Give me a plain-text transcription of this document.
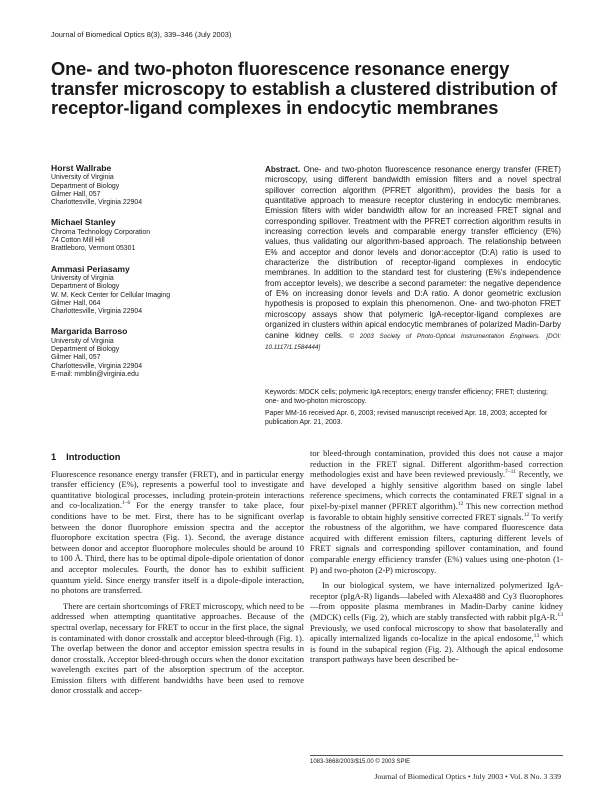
Journal of Biomedical Optics 8(3), 339–346 (July 2003)
One- and two-photon fluorescence resonance energy transfer microscopy to establish a clustered distribution of receptor-ligand complexes in endocytic membranes
Horst Wallrabe
University of Virginia
Department of Biology
Gilmer Hall, 057
Charlottesville, Virginia 22904
Michael Stanley
Chroma Technology Corporation
74 Cotton Mill Hill
Brattleboro, Vermont 05301
Ammasi Periasamy
University of Virginia
Department of Biology
W. M. Keck Center for Cellular Imaging
Gilmer Hall, 064
Charlottesville, Virginia 22904
Margarida Barroso
University of Virginia
Department of Biology
Gilmer Hall, 057
Charlottesville, Virginia 22904
E-mail: mmblin@virginia.edu

Abstract. One- and two-photon fluorescence resonance energy transfer (FRET) microscopy, using different bandwidth emission filters and a novel spectral spillover correction algorithm (PFRET algorithm), provides the basis for a quantitative approach to measure receptor clustering in endocytic membranes. Emission filters with wider bandwidth allow for an increased FRET signal and corresponding spillover. Treatment with the PFRET correction algorithm results in increasing correction levels and comparable energy transfer efficiency (E%) values, thus validating our algorithm-based approach. The relationship between E% and acceptor and donor levels and donor:acceptor (D:A) ratio is used to characterize the distribution of receptor-ligand complexes in endocytic membranes. In addition to the standard test for clustering (E%'s independence from acceptor levels), we describe a second parameter: the negative dependence of E% on increasing donor levels and D:A ratio. A donor geometric exclusion hypothesis is proposed to explain this phenomenon. One- and two-photon FRET microscopy assays show that polymeric IgA-receptor-ligand complexes are organized in clusters within apical endocytic membranes of polarized Madin-Darby canine kidney cells. © 2003 Society of Photo-Optical Instrumentation Engineers. [DOI: 10.1117/1.1584444]

Keywords: MDCK cells; polymeric IgA receptors; energy transfer efficiency; FRET; clustering; one- and two-photon microscopy.

Paper MM-16 received Apr. 6, 2003; revised manuscript received Apr. 18, 2003; accepted for publication Apr. 21, 2003.

1 Introduction

Fluorescence resonance energy transfer (FRET), and in particular energy transfer efficiency (E%), represents a powerful tool to investigate and quantitative biological processes, including protein-protein interactions and co-localization.$^{1-6}$ For the energy transfer to take place, four conditions have to be met. First, there has to be significant overlap between the donor fluorophore emission spectra and the acceptor fluorophore excitation spectra (Fig. 1). Second, the average distance between donor and acceptor fluorophore molecules should be around 10 to 100 Å. Third, there has to be optimal dipole-dipole orientation of donor and acceptor molecules. Fourth, the donor has to exhibit sufficient quantum yield. Since energy transfer itself is a dipole-dipole interaction, no photons are transferred.

There are certain shortcomings of FRET microscopy, which need to be addressed when attempting quantitative approaches. Because of the spectral overlap, necessary for FRET to occur in the first place, the signal is contaminated with donor crosstalk and acceptor bleed-through (Fig. 1). The overlap between the donor and acceptor emission spectra results in donor crosstalk. Acceptor bleed-through occurs when the donor excitation wavelength excites part of the absorption spectrum of the acceptor. Emission filters with different bandwidths have been used to remove donor crosstalk and accep-

tor bleed-through contamination, provided this does not cause a major reduction in the FRET signal. Different algorithm-based correction methodologies exist and have been reviewed previously.$^{7-11}$ Recently, we have developed a highly sensitive algorithm based on single label reference specimens, which corrects the contaminated FRET signal in a pixel-by-pixel manner (PFRET algorithm).$^{12}$ This new correction method is favorable to obtain highly sensitive corrected FRET signals.$^{12}$ To verify the robustness of the algorithm, we have compared fluorescence data acquired with different emission filters, capturing different levels of FRET signals and corresponding spillover contamination, and found comparable energy efficiency transfer (E%) values using one-photon (1-P) and two-photon (2-P) microscopy.

In our biological system, we have internalized polymerized IgA-receptor (pIgA-R) ligands—labeled with Alexa488 and Cy3 fluorophores—from opposite plasma membranes in Madin-Darby canine kidney (MDCK) cells (Fig. 2), which are stably transfected with rabbit pIgA-R.$^{13}$ Previously, we used confocal microscopy to show that basolaterally and apically internalized ligands co-localize in the apical endosome,$^{13}$ which is found in the subapical region (Fig. 2). Although the apical endosome transport pathways have been described be-

1083-3668/2003/$15.00 © 2003 SPIE
Journal of Biomedical Optics • July 2003 • Vol. 8 No. 3 339
